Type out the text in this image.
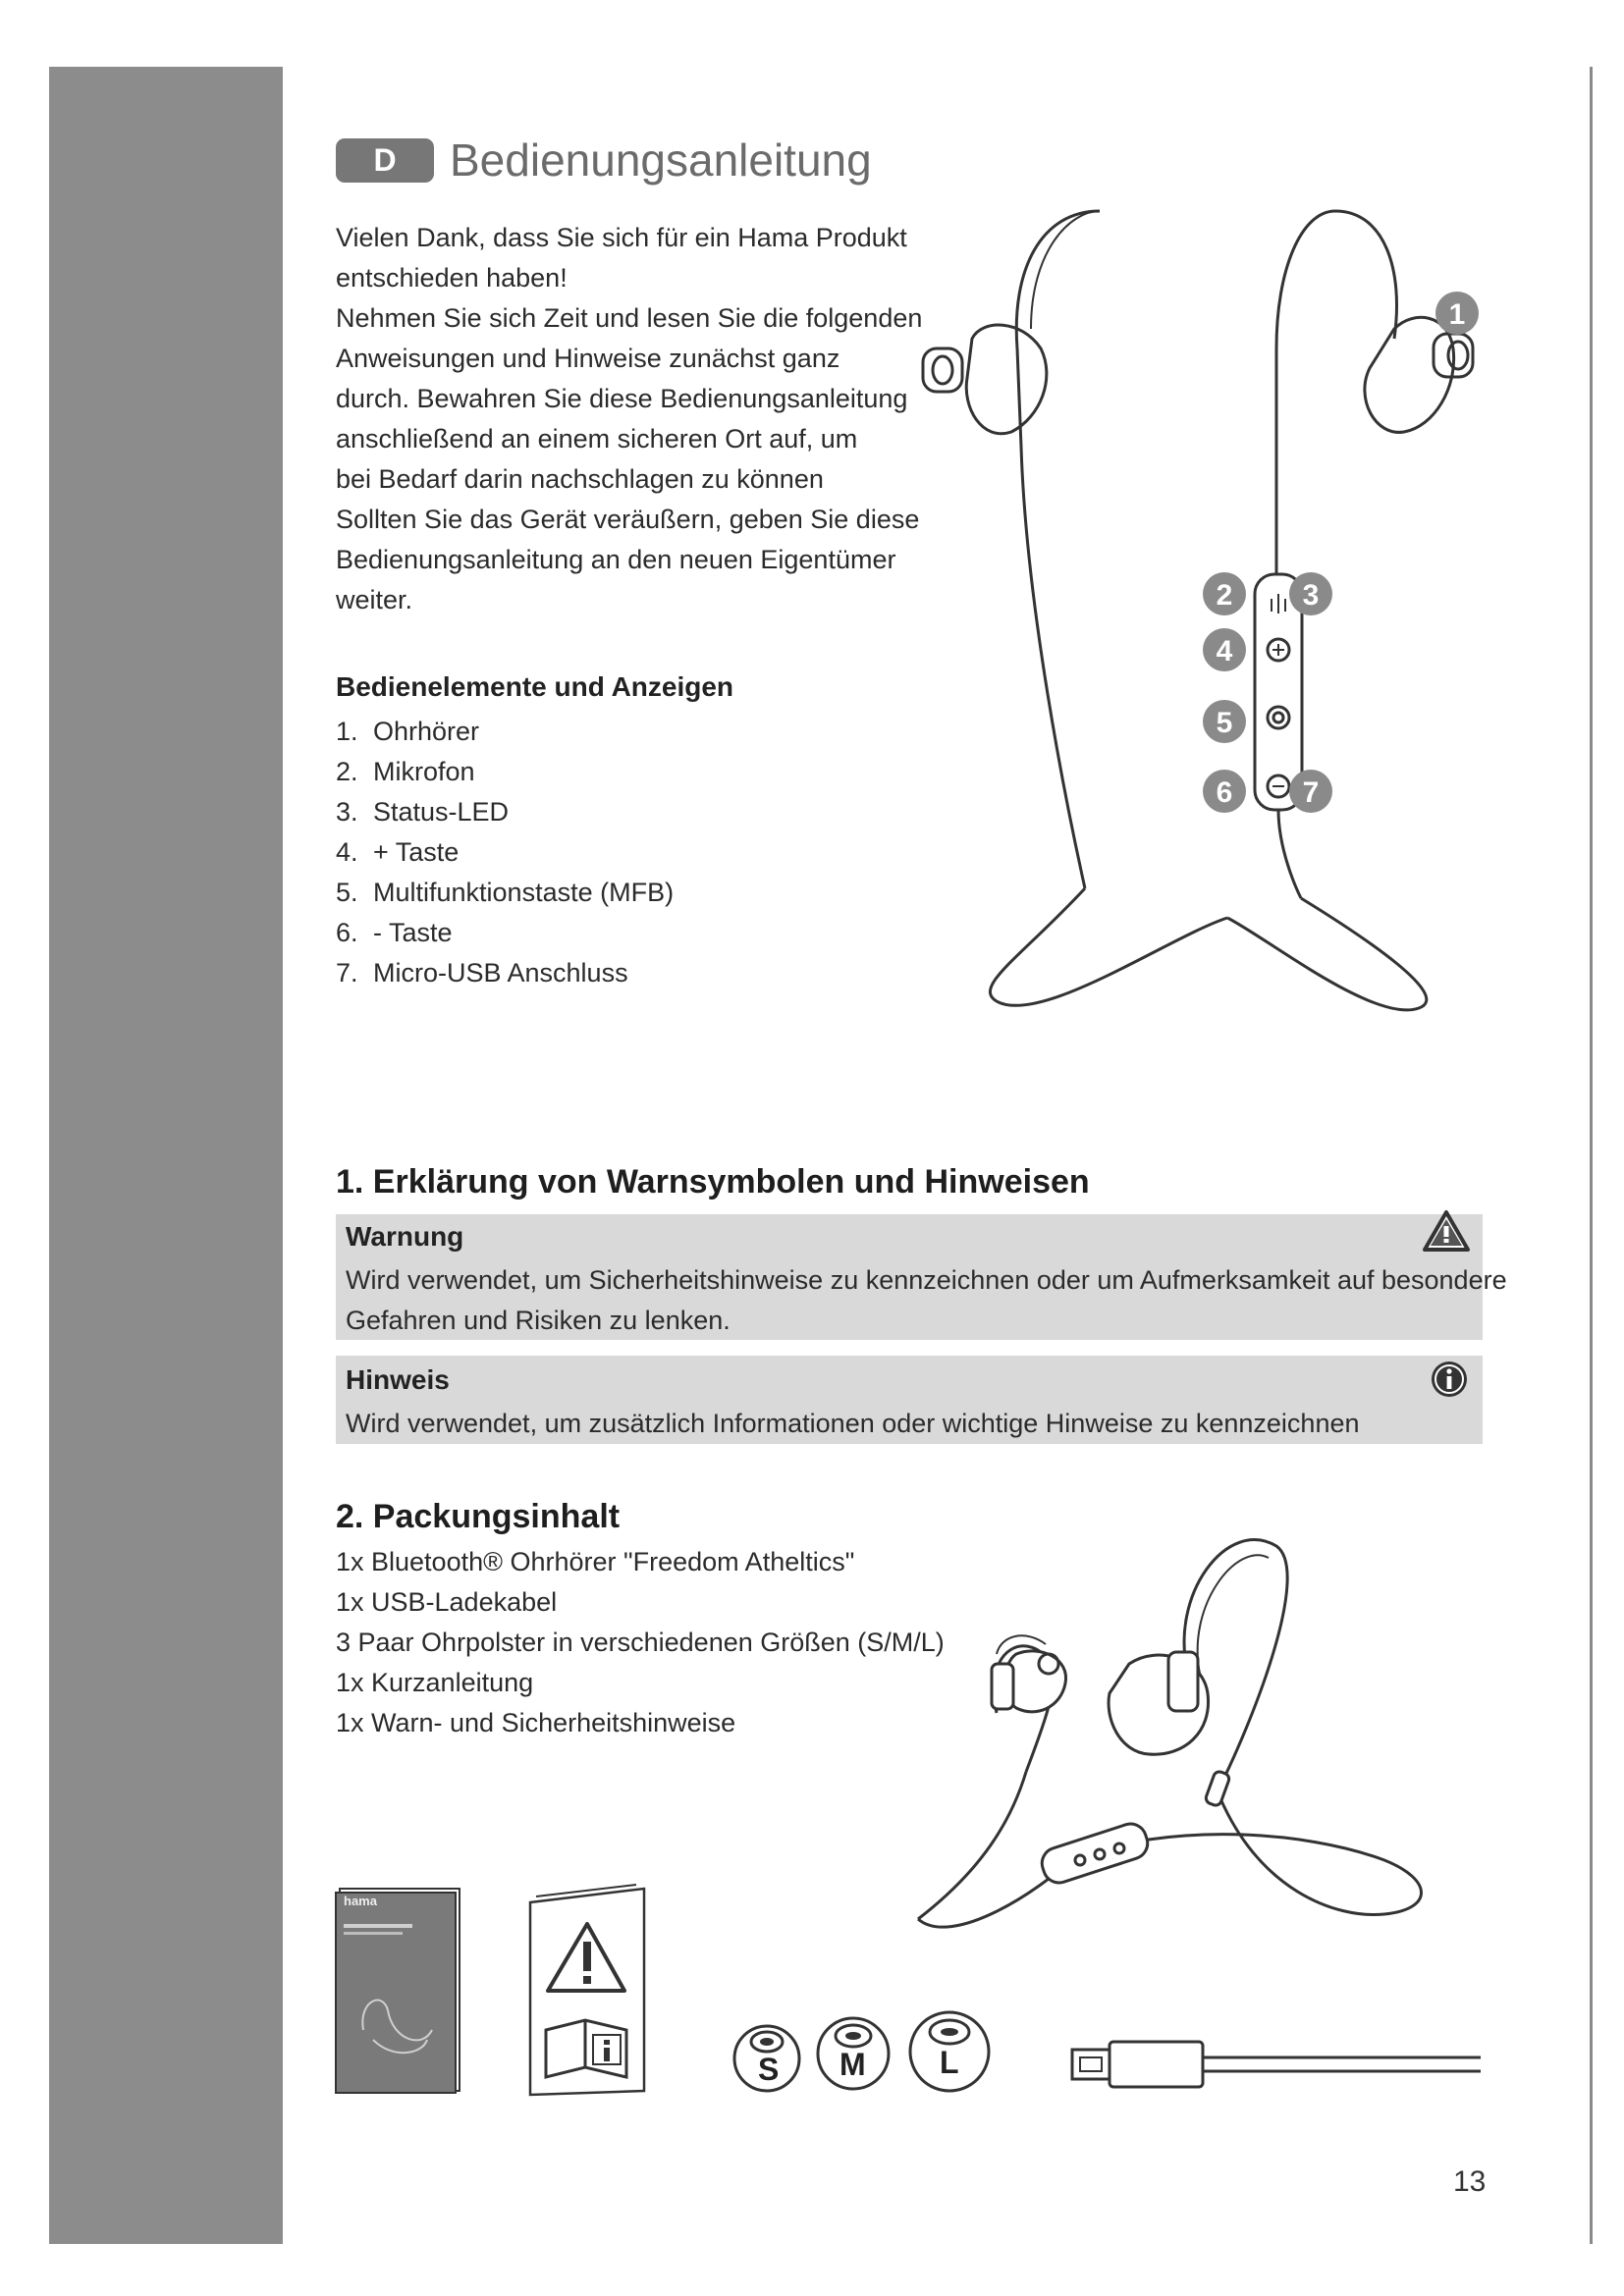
D	Bedienungsanleitung
Vielen Dank, dass Sie sich für ein Hama Produkt
entschieden haben!
Nehmen Sie sich Zeit und lesen Sie die folgenden
Anweisungen und Hinweise zunächst ganz
durch. Bewahren Sie diese Bedienungsanleitung
anschließend an einem sicheren Ort auf, um
bei Bedarf darin nachschlagen zu können
Sollten Sie das Gerät veräußern, geben Sie diese
Bedienungsanleitung an den neuen Eigentümer
weiter.
Bedienelemente und Anzeigen
1. Ohrhörer
2. Mikrofon
3. Status-LED
4. + Taste
5. Multifunktionstaste (MFB)
6. - Taste
7. Micro-USB Anschluss
1
2 3
4
5
6 7
1. Erklärung von Warnsymbolen und Hinweisen
Warnung
Wird verwendet, um Sicherheitshinweise zu kennzeichnen oder um Aufmerksamkeit auf besondere
Gefahren und Risiken zu lenken.
Hinweis
Wird verwendet, um zusätzlich Informationen oder wichtige Hinweise zu kennzeichnen
2. Packungsinhalt
1x Bluetooth® Ohrhörer "Freedom Atheltics"
1x USB-Ladekabel
3 Paar Ohrpolster in verschiedenen Größen (S/M/L)
1x Kurzanleitung
1x Warn- und Sicherheitshinweise
hama
S M L
13
